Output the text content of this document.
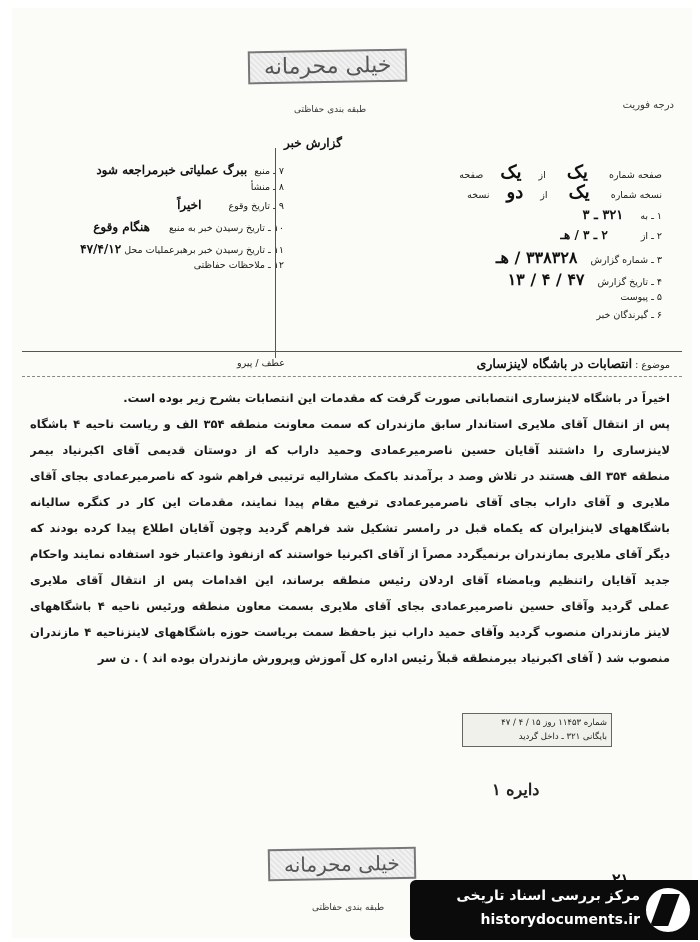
خیلی محرمانه
طبقه بندی حفاظتی	درجه فوریت
گزارش خبر
صفحه شماره یک از یک صفحه
نسخه شماره یک از دو نسخه
۱ ـ به ۳۲۱ ـ ۳
۲ ـ از ۲ ـ ۳ / هـ
۳ ـ شماره گزارش ۳۳۸۳۲۸ / هـ
۴ ـ تاریخ گزارش ۴۷ / ۴ / ۱۳
۵ ـ پیوست
۶ ـ گیرندگان خبر
۷ ـ منبع ببرگ عملیاتی خبرمراجعه شود
۸ ـ منشأ
۹ ـ تاریخ وقوع اخیراً
۱۰ ـ تاریخ رسیدن خبر به منبع هنگام وقوع
۱۱ ـ تاریخ رسیدن خبر برهبرعملیات محل ۴۷/۴/۱۲
۱۲ ـ ملاحظات حفاظتی
عطف / پیرو	موضوع : انتصابات در باشگاه لاینزساری
اخیراً در باشگاه لاینزساری انتصاباتی صورت گرفت که مقدمات این انتصابات بشرح زیر بوده است.
پس از انتقال آقای ملایری استاندار سابق مازندران که سمت معاونت منطقه ۳۵۴ الف و ریاست ناحیه ۴ باشگاه
لاینزساری را داشتند آقایان حسین ناصرمیرعمادی وحمید داراب که از دوستان قدیمی آقای اکبرنیاد بیمر
منطقه ۳۵۴ الف هستند در تلاش وصد د برآمدند باکمک مشارالیه ترتیبی فراهم شود که ناصرمیرعمادی بجای آقای
ملایری و آقای داراب بجای آقای ناصرمیرعمادی ترفیع مقام پیدا نمایند، مقدمات این کار در کنگره سالیانه
باشگاههای لاینزایران که یکماه قبل در رامسر تشکیل شد فراهم گردید وچون آقایان اطلاع پیدا کرده بودند که
دیگر آقای ملایری بمازندران برنمیگردد مصراً از آقای اکبرنیا خواستند که ازنفوذ واعتبار خود استفاده نمایند واحکام
جدید آقایان راتنظیم وبامضاء آقای اردلان رئیس منطقه برساند، این اقدامات پس از انتقال آقای ملایری
عملی گردید وآقای حسین ناصرمیرعمادی بجای آقای ملایری بسمت معاون منطقه ورئیس ناحیه ۴ باشگاههای
لاینز مازندران منصوب گردید وآقای حمید داراب نیز باحفظ سمت بریاست حوزه باشگاههای لاینزناحیه ۴ مازندران
منصوب شد ( آقای اکبرنیاد بیرمنطقه قبلاً رئیس اداره کل آموزش وپرورش مازندران بوده اند ) . ن سر
شماره ۱۱۴۵۳ روز ۱۵ / ۴ / ۴۷
بایگانی ۳۲۱ ـ داخل گردید
دایره ۱
خیلی محرمانه
طبقه بندی حفاظتی
مرکز بررسی اسناد تاریخی
historydocuments.ir
